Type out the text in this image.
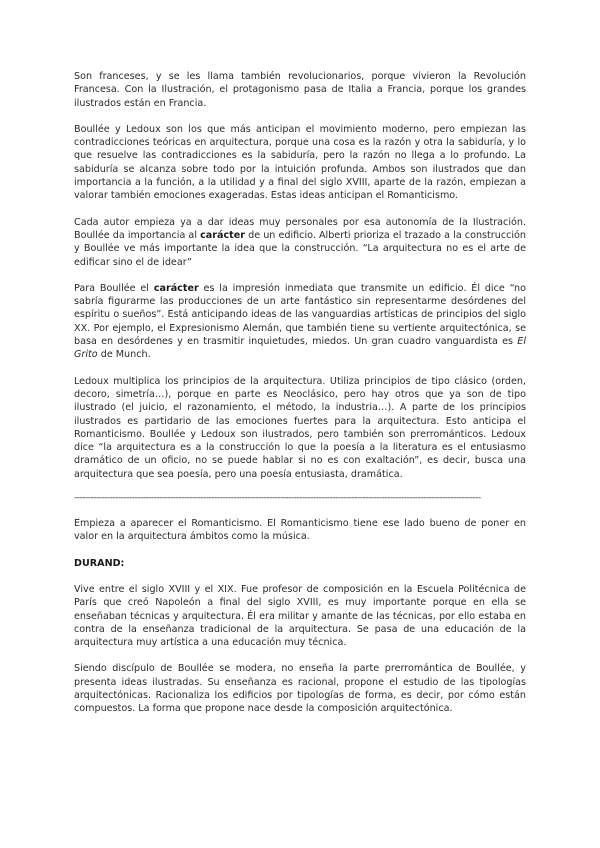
Son franceses, y se les llama también revolucionarios, porque vivieron la Revolución Francesa. Con la Ilustración, el protagonismo pasa de Italia a Francia, porque los grandes ilustrados están en Francia.

Boullée y Ledoux son los que más anticipan el movimiento moderno, pero empiezan las contradicciones teóricas en arquitectura, porque una cosa es la razón y otra la sabiduría, y lo que resuelve las contradicciones es la sabiduría, pero la razón no llega a lo profundo. La sabiduría se alcanza sobre todo por la intuición profunda. Ambos son ilustrados que dan importancia a la función, a la utilidad y a final del siglo XVIII, aparte de la razón, empiezan a valorar también emociones exageradas. Estas ideas anticipan el Romanticismo.

Cada autor empieza ya a dar ideas muy personales por esa autonomía de la Ilustración. Boullée da importancia al carácter de un edificio. Alberti prioriza el trazado a la construcción y Boullée ve más importante la idea que la construcción. “La arquitectura no es el arte de edificar sino el de idear”

Para Boullée el carácter es la impresión inmediata que transmite un edificio. Él dice “no sabría figurarme las producciones de un arte fantástico sin representarme desórdenes del espíritu o sueños”. Está anticipando ideas de las vanguardias artísticas de principios del siglo XX. Por ejemplo, el Expresionismo Alemán, que también tiene su vertiente arquitectónica, se basa en desórdenes y en trasmitir inquietudes, miedos. Un gran cuadro vanguardista es El Grito de Munch.

Ledoux multiplica los principios de la arquitectura. Utiliza principios de tipo clásico (orden, decoro, simetría…), porque en parte es Neoclásico, pero hay otros que ya son de tipo ilustrado (el juicio, el razonamiento, el método, la industria…). A parte de los principios ilustrados es partidario de las emociones fuertes para la arquitectura. Esto anticipa el Romanticismo. Boullée y Ledoux son ilustrados, pero también son prerrománticos. Ledoux dice “la arquitectura es a la construcción lo que la poesía a la literatura es el entusiasmo dramático de un oficio, no se puede hablar si no es con exaltación”, es decir, busca una arquitectura que sea poesía, pero una poesía entusiasta, dramática.

----------------------------------------------------------------------------------------------------------------------------------------------------

Empieza a aparecer el Romanticismo. El Romanticismo tiene ese lado bueno de poner en valor en la arquitectura ámbitos como la música.

DURAND:

Vive entre el siglo XVIII y el XIX. Fue profesor de composición en la Escuela Politécnica de París que creó Napoleón a final del siglo XVIII, es muy importante porque en ella se enseñaban técnicas y arquitectura. Él era militar y amante de las técnicas, por ello estaba en contra de la enseñanza tradicional de la arquitectura. Se pasa de una educación de la arquitectura muy artística a una educación muy técnica.

Siendo discípulo de Boullée se modera, no enseña la parte prerromántica de Boullée, y presenta ideas ilustradas. Su enseñanza es racional, propone el estudio de las tipologías arquitectónicas. Racionaliza los edificios por tipologías de forma, es decir, por cómo están compuestos. La forma que propone nace desde la composición arquitectónica.
